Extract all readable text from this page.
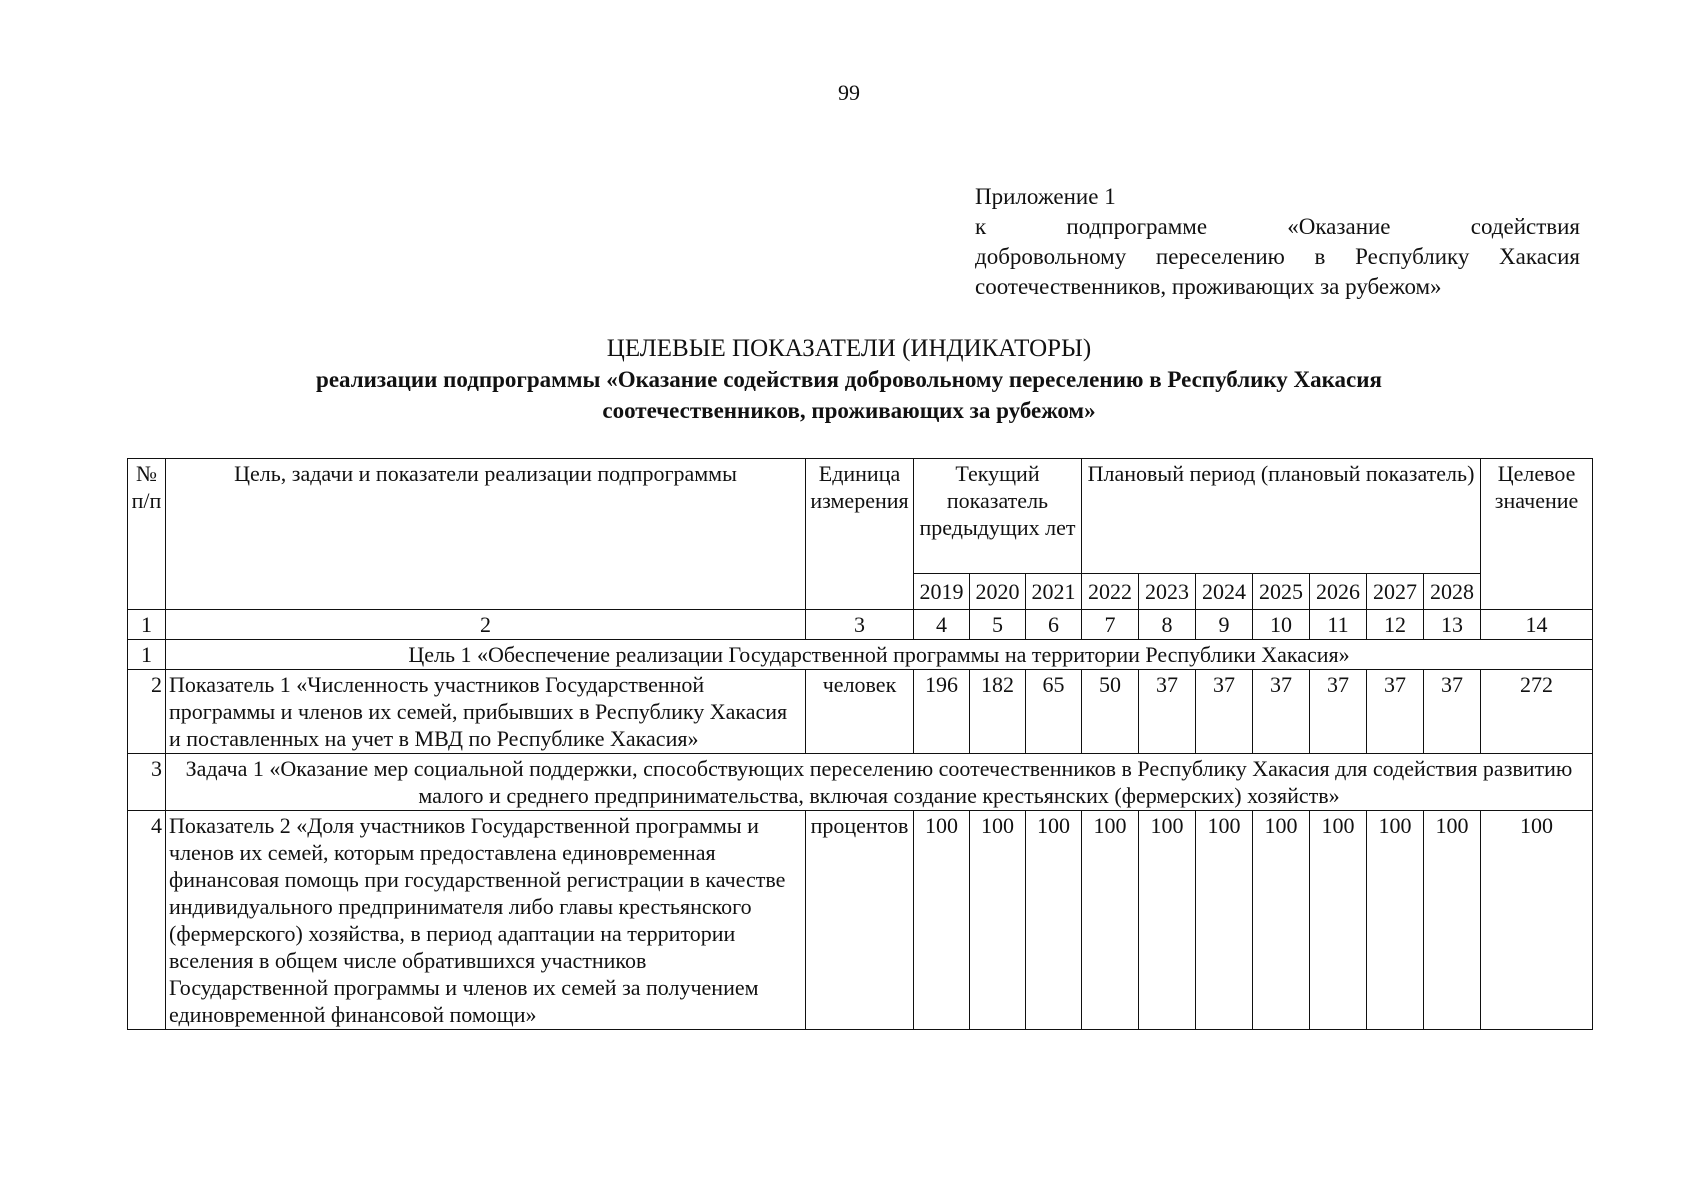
99
Приложение 1
к	подпрограмме	«Оказание	содействия
добровольному переселению в Республику Хакасия
соотечественников, проживающих за рубежом»
ЦЕЛЕВЫЕ ПОКАЗАТЕЛИ (ИНДИКАТОРЫ)
реализации подпрограммы «Оказание содействия добровольному переселению в Республику Хакасия
соотечественников, проживающих за рубежом»
№ п/п	Цель, задачи и показатели реализации подпрограммы	Единица измерения	Текущий показатель предыдущих лет			Плановый период (плановый показатель)							Целевое значение
			2019	2020	2021	2022	2023	2024	2025	2026	2027	2028	
1	2	3	4	5	6	7	8	9	10	11	12	13	14
1	Цель 1 «Обеспечение реализации Государственной программы на территории Республики Хакасия»												
2	Показатель 1 «Численность участников Государственной программы и членов их семей, прибывших в Республику Хакасия и поставленных на учет в МВД по Республике Хакасия»	человек	196	182	65	50	37	37	37	37	37	37	272
3	Задача 1 «Оказание мер социальной поддержки, способствующих переселению соотечественников в Республику Хакасия для содействия развитию малого и среднего предпринимательства, включая создание крестьянских (фермерских) хозяйств»												
4	Показатель 2 «Доля участников Государственной программы и членов их семей, которым предоставлена единовременная финансовая помощь при государственной регистрации в качестве индивидуального предпринимателя либо главы крестьянского (фермерского) хозяйства, в период адаптации на территории вселения в общем числе обратившихся участников Государственной программы и членов их семей за получением единовременной финансовой помощи»	процентов	100	100	100	100	100	100	100	100	100	100	100
